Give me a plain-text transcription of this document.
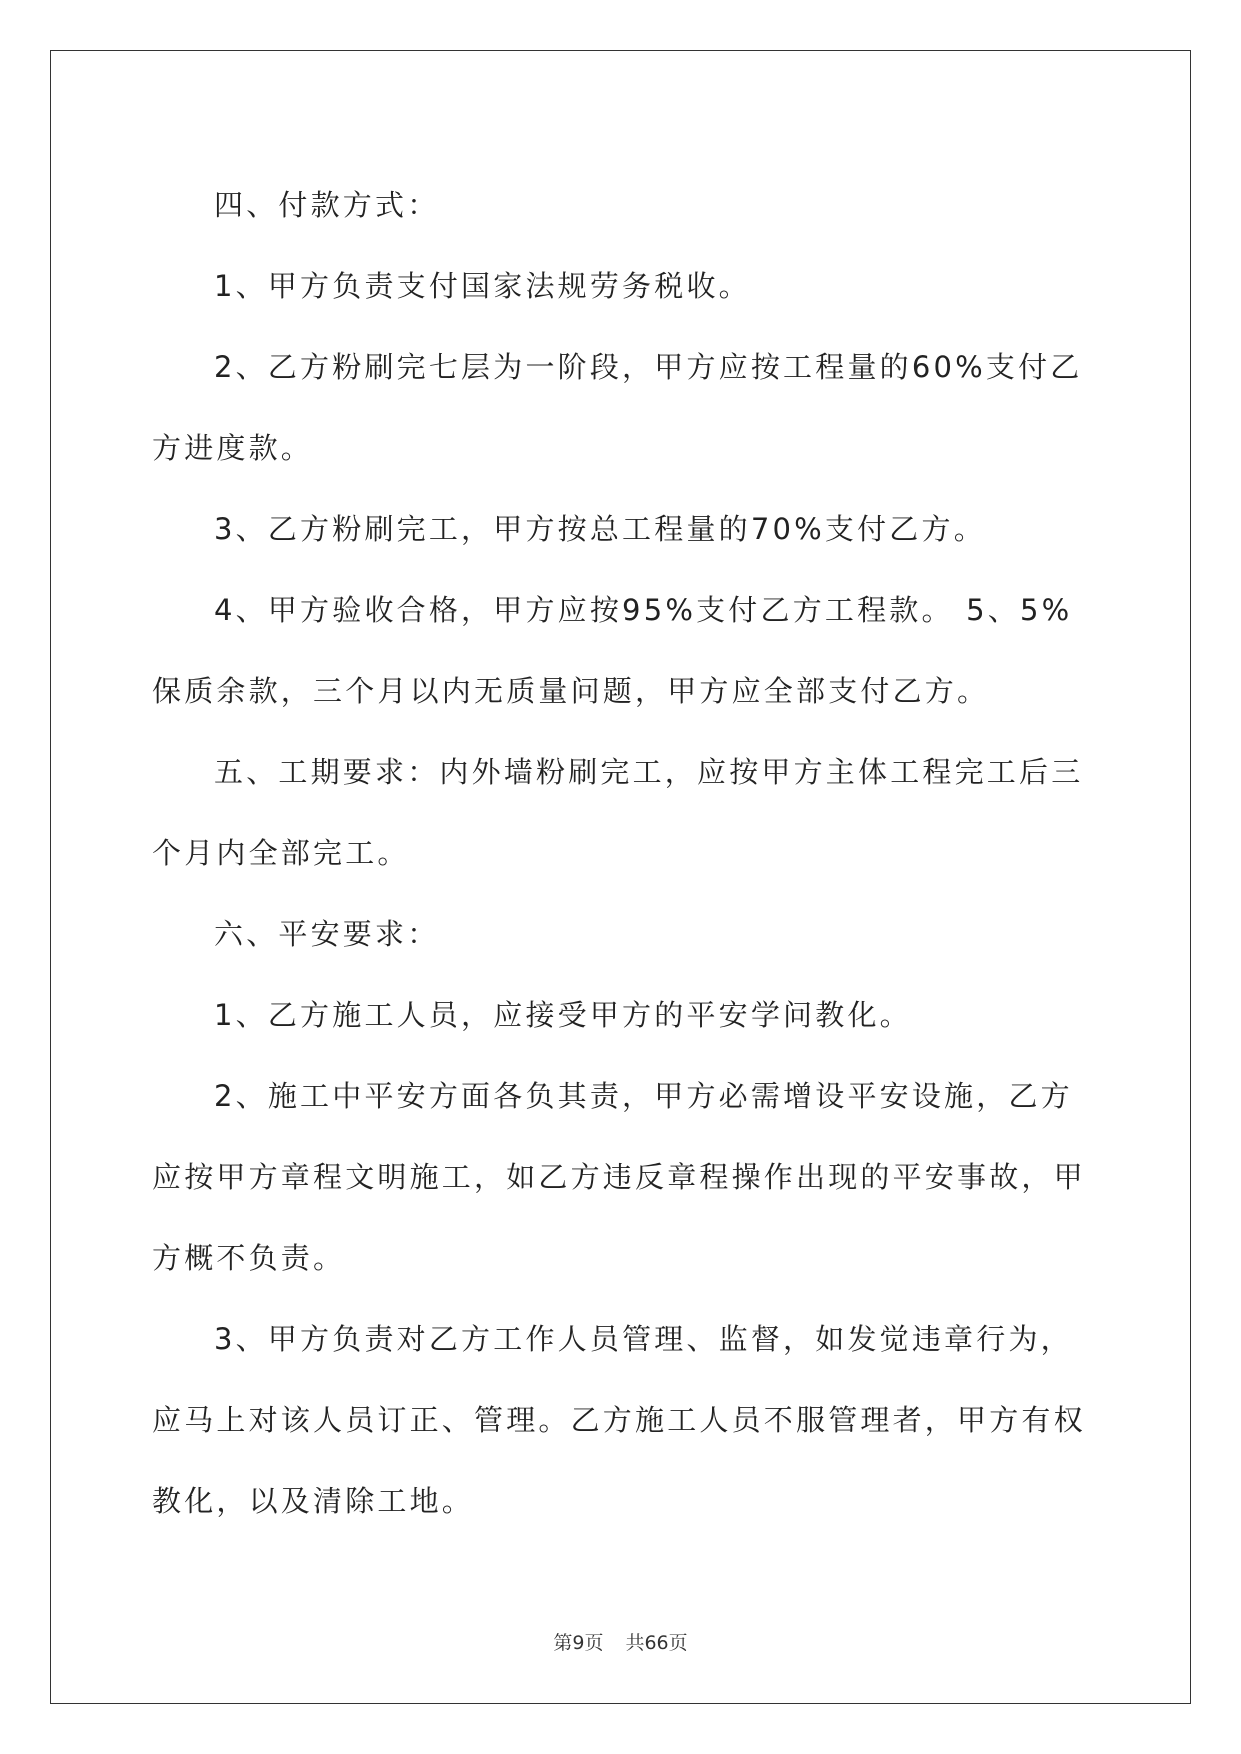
四、付款方式：

1、甲方负责支付国家法规劳务税收。

2、乙方粉刷完七层为一阶段，甲方应按工程量的60%支付乙方进度款。

3、乙方粉刷完工，甲方按总工程量的70%支付乙方。

4、甲方验收合格，甲方应按95%支付乙方工程款。 5、5%保质余款，三个月以内无质量问题，甲方应全部支付乙方。

五、工期要求：内外墙粉刷完工，应按甲方主体工程完工后三个月内全部完工。

六、平安要求：

1、乙方施工人员，应接受甲方的平安学问教化。

2、施工中平安方面各负其责，甲方必需增设平安设施，乙方应按甲方章程文明施工，如乙方违反章程操作出现的平安事故，甲方概不负责。

3、甲方负责对乙方工作人员管理、监督，如发觉违章行为，应马上对该人员订正、管理。乙方施工人员不服管理者，甲方有权教化，以及清除工地。

第9页 共66页
